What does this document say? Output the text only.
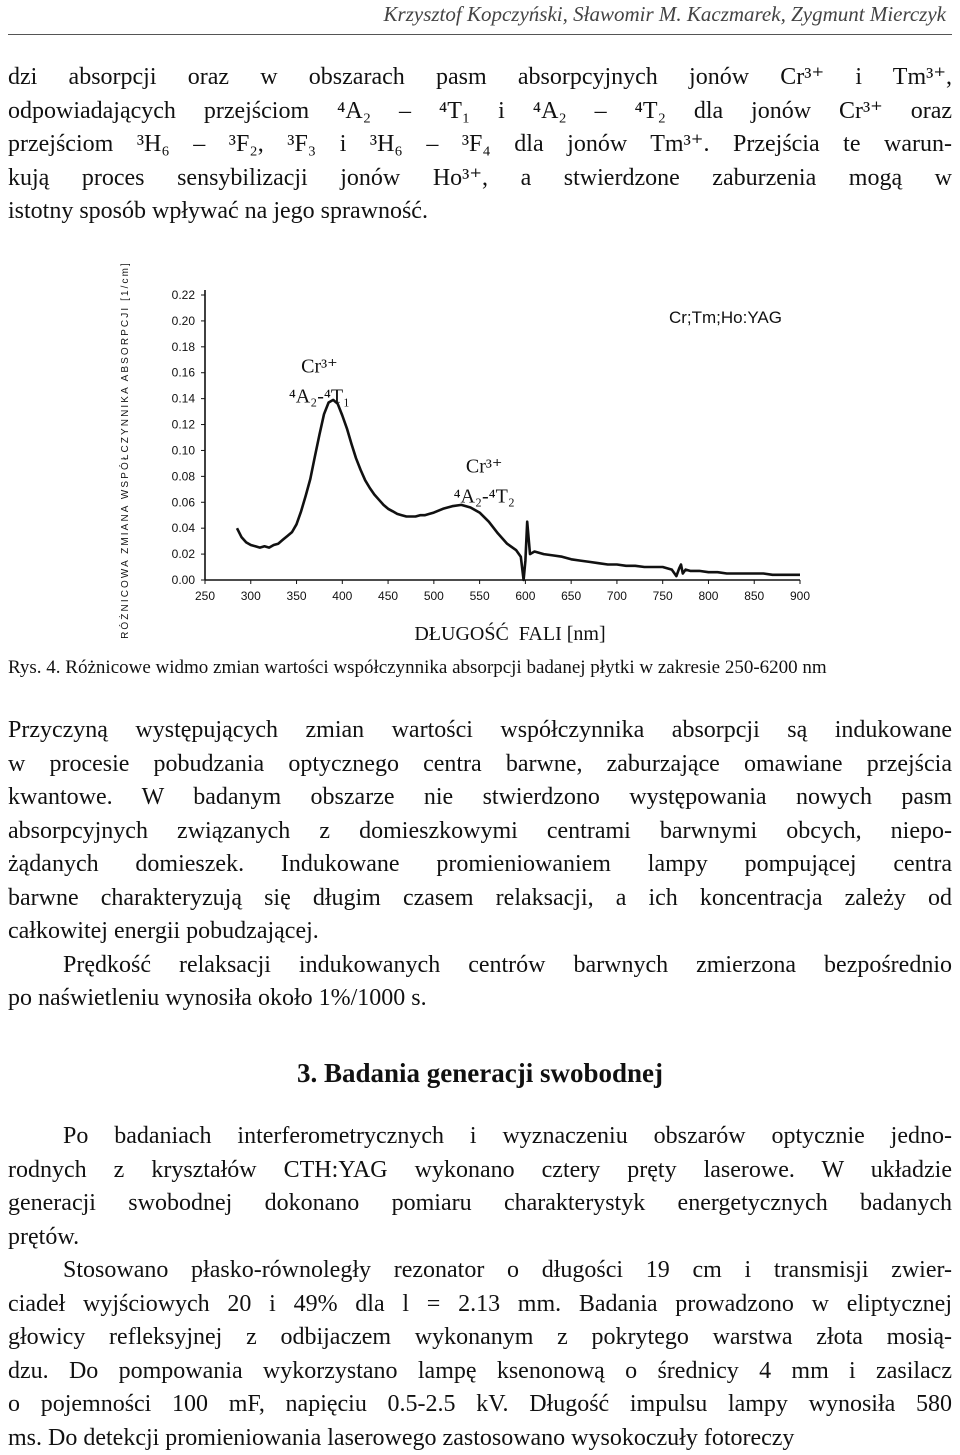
Krzysztof Kopczyński, Sławomir M. Kaczmarek, Zygmunt Mierczyk
dzi absorpcji oraz w obszarach pasm absorpcyjnych jonów Cr³⁺ i Tm³⁺,
odpowiadających przejściom ⁴A₂ – ⁴T₁ i ⁴A₂ – ⁴T₂ dla jonów Cr³⁺ oraz
przejściom ³H₆ – ³F₂, ³F₃ i ³H₆ – ³F₄ dla jonów Tm³⁺. Przejścia te warun-
kują proces sensybilizacji jonów Ho³⁺, a stwierdzone zaburzenia mogą w
istotny sposób wpływać na jego sprawność.
RÓŻNICOWA ZMIANA WSPÓŁCZYNNIKA ABSORPCJI [1/cm]	Cr;Tm;Ho:YAG
DŁUGOŚĆ  FALI [nm]
0.00
0.02
0.04
0.06
0.08
0.10
0.12
0.14
0.16
0.18
0.20
0.22
250 300 350 400 450 500 550 600 650 700 750 800 850 900
Cr³⁺
⁴A₂-⁴T₁
Cr³⁺
⁴A₂-⁴T₂
Rys. 4. Różnicowe widmo zmian wartości współczynnika absorpcji badanej płytki w zakresie 250-6200 nm
Przyczyną występujących zmian wartości współczynnika absorpcji są indukowane
w procesie pobudzania optycznego centra barwne, zaburzające omawiane przejścia
kwantowe. W badanym obszarze nie stwierdzono występowania nowych pasm
absorpcyjnych związanych z domieszkowymi centrami barwnymi obcych, niepo-
żądanych domieszek. Indukowane promieniowaniem lampy pompującej centra
barwne charakteryzują się długim czasem relaksacji, a ich koncentracja zależy od
całkowitej energii pobudzającej.
Prędkość relaksacji indukowanych centrów barwnych zmierzona bezpośrednio
po naświetleniu wynosiła około 1%/1000 s.
3. Badania generacji swobodnej
Po badaniach interferometrycznych i wyznaczeniu obszarów optycznie jedno-
rodnych z kryształów CTH:YAG wykonano cztery pręty laserowe. W układzie
generacji swobodnej dokonano pomiaru charakterystyk energetycznych badanych
prętów.
Stosowano płasko-równoległy rezonator o długości 19 cm i transmisji zwier-
ciadeł wyjściowych 20 i 49% dla l = 2.13 mm. Badania prowadzono w eliptycznej
głowicy refleksyjnej z odbijaczem wykonanym z pokrytego warstwa złota mosią-
dzu. Do pompowania wykorzystano lampę ksenonową o średnicy 4 mm i zasilacz
o pojemności 100 mF, napięciu 0.5-2.5 kV. Długość impulsu lampy wynosiła 580
ms. Do detekcji promieniowania laserowego zastosowano wysokoczuły fotoreczy
